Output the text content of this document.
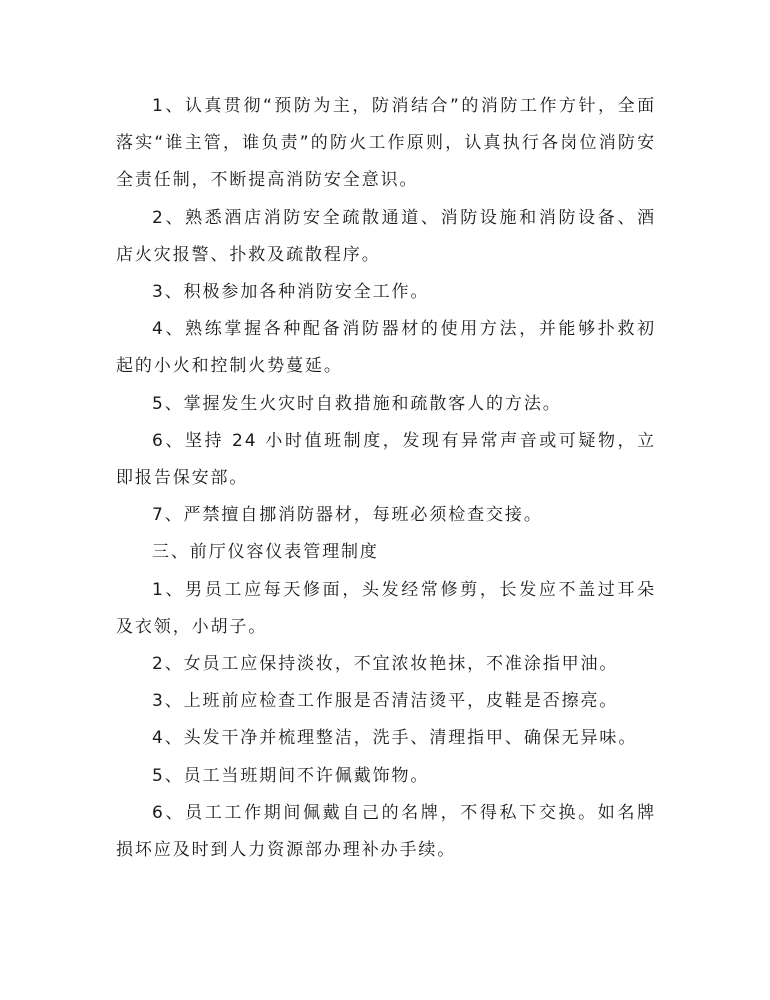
1、认真贯彻“预防为主，防消结合”的消防工作方针，全面落实“谁主管，谁负责”的防火工作原则，认真执行各岗位消防安全责任制，不断提高消防安全意识。

2、熟悉酒店消防安全疏散通道、消防设施和消防设备、酒店火灾报警、扑救及疏散程序。

3、积极参加各种消防安全工作。

4、熟练掌握各种配备消防器材的使用方法，并能够扑救初起的小火和控制火势蔓延。

5、掌握发生火灾时自救措施和疏散客人的方法。

6、坚持 24 小时值班制度，发现有异常声音或可疑物，立即报告保安部。

7、严禁擅自挪消防器材，每班必须检查交接。

三、前厅仪容仪表管理制度

1、男员工应每天修面，头发经常修剪，长发应不盖过耳朵及衣领，小胡子。

2、女员工应保持淡妆，不宜浓妆艳抹，不准涂指甲油。

3、上班前应检查工作服是否清洁烫平，皮鞋是否擦亮。

4、头发干净并梳理整洁，洗手、清理指甲、确保无异味。

5、员工当班期间不许佩戴饰物。

6、员工工作期间佩戴自己的名牌，不得私下交换。如名牌损坏应及时到人力资源部办理补办手续。
